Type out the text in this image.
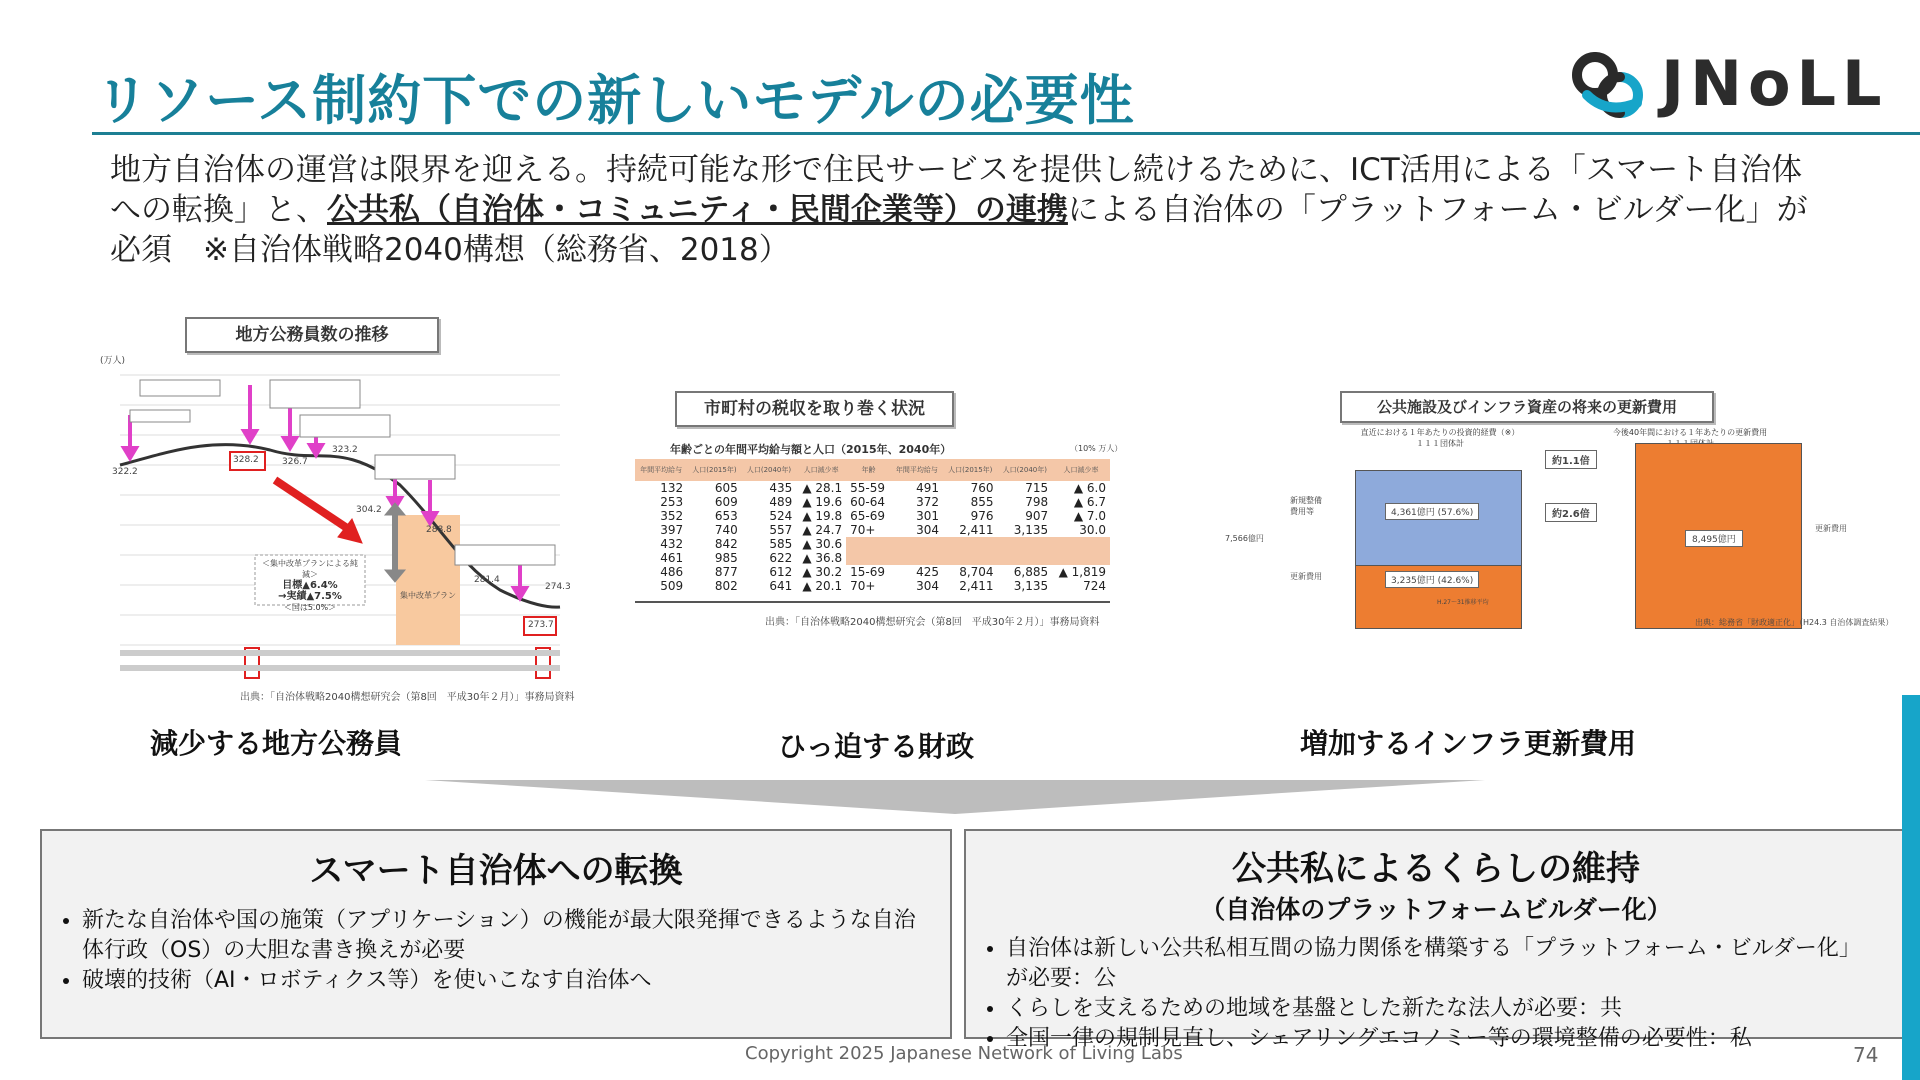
リソース制約下での新しいモデルの必要性	JNoLL
地方自治体の運営は限界を迎える。持続可能な形で住民サービスを提供し続けるために、ICT活用による「スマート自治体への転換」と、公共私（自治体・コミュニティ・民間企業等）の連携による自治体の「プラットフォーム・ビルダー化」が必須　 ※自治体戦略2040構想（総務省、2018）
地方公務員数の推移
(万人)
322.2
328.2	326.7
323.2
304.2
288.8
281.4
274.3
273.7
＜集中改革プランによる純減＞
目標▲6.4%
→実績▲7.5%
＜国は5.0%＞
集中改革プラン
出典：「自治体戦略2040構想研究会（第8回　平成30年２月）」事務局資料
減少する地方公務員
市町村の税収を取り巻く状況
年齢ごとの年間平均給与額と人口（2015年、2040年）	（10% 万人）
年間平均給与	人口(2015年)	人口(2040年)	人口減少率	年齢	年間平均給与	人口(2015年)	人口(2040年)	人口減少率
132	605	435	▲ 28.1	55-59	491	760	715	▲ 6.0
253	609	489	▲ 19.6	60-64	372	855	798	▲ 6.7
352	653	524	▲ 19.8	65-69	301	976	907	▲ 7.0
397	740	557	▲ 24.7	70+	304	2,411	3,135	30.0
432	842	585	▲ 30.6					
461	985	622	▲ 36.8					
486	877	612	▲ 30.2	15-69	425	8,704	6,885	▲ 1,819
509	802	641	▲ 20.1	70+	304	2,411	3,135	724
出典：「自治体戦略2040構想研究会（第8回　平成30年２月）」事務局資料
ひっ迫する財政
公共施設及びインフラ資産の将来の更新費用
直近における１年あたりの投資的経費（※）
１１１団体計
今後40年間における１年あたりの更新費用
4,361億円 (57.6%)
3,235億円 (42.6%)
8,495億円
約1.1倍
約2.6倍
新規整備
費用等
更新費用
7,566億円
更新費用
H.27〜31推移平均
出典：総務省「財政適正化」（H24.3 自治体調査結果）
増加するインフラ更新費用
スマート自治体への転換
• 新たな自治体や国の施策（アプリケーション）の機能が最大限発揮できるような自治体行政（OS）の大胆な書き換えが必要
• 破壊的技術（AI・ロボティクス等）を使いこなす自治体へ
公共私によるくらしの維持
（自治体のプラットフォームビルダー化）
• 自治体は新しい公共私相互間の協力関係を構築する「プラットフォーム・ビルダー化」が必要：公
• くらしを支えるための地域を基盤とした新たな法人が必要：共
• 全国一律の規制見直し、シェアリングエコノミー等の環境整備の必要性：私
Copyright 2025 Japanese Network of Living Labs	74
